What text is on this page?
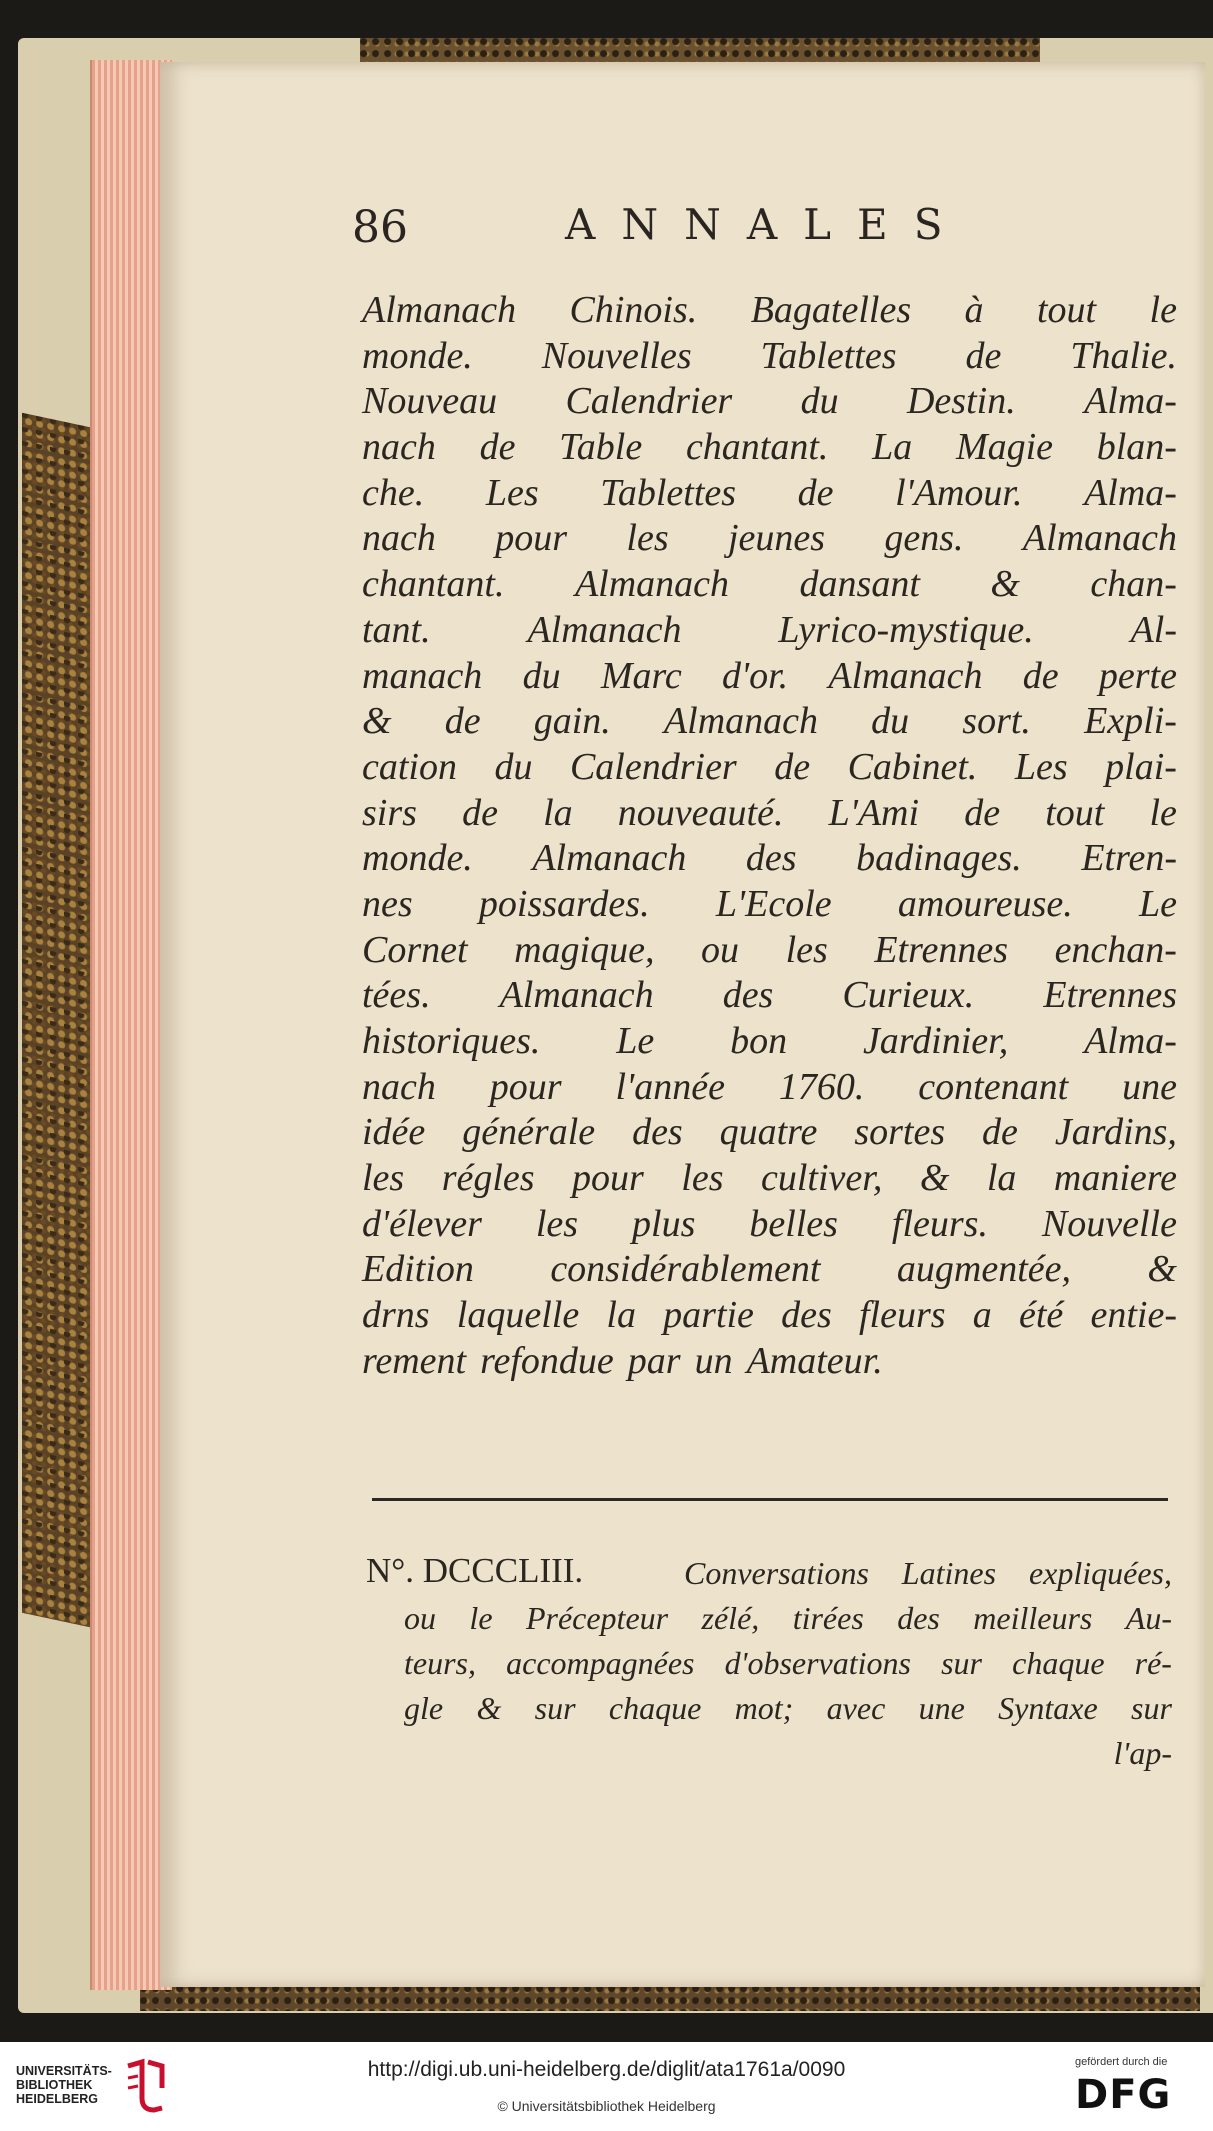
86	ANNALES
Almanach Chinois. Bagatelles à tout le
monde. Nouvelles Tablettes de Thalie.
Nouveau Calendrier du Destin. Alma-
nach de Table chantant. La Magie blan-
che. Les Tablettes de l'Amour. Alma-
nach pour les jeunes gens. Almanach
chantant. Almanach dansant & chan-
tant.	Almanach	Lyrico-mystique.	Al-
manach du Marc d'or. Almanach de perte
& de gain. Almanach du sort. Expli-
cation du Calendrier de Cabinet. Les plai-
sirs de la nouveauté. L'Ami de tout le
monde. Almanach des badinages. Etren-
nes poissardes. L'Ecole amoureuse. Le
Cornet magique, ou les Etrennes enchan-
tées. Almanach des Curieux. Etrennes
historiques. Le bon Jardinier, Alma-
nach pour l'année 1760. contenant une
idée générale des quatre sortes de Jardins,
les régles pour les cultiver, & la maniere
d'élever les plus belles fleurs. Nouvelle
Edition considérablement augmentée, &
drns laquelle la partie des fleurs a été entie-
rement refondue par un Amateur.
N°. DCCCLIII.	Conversations Latines expliquées,
ou le Précepteur zélé, tirées des meilleurs Au-
teurs, accompagnées d'observations sur chaque ré-
gle & sur chaque mot; avec une Syntaxe sur
l'ap-
UNIVERSITÄTS-
BIBLIOTHEK
HEIDELBERG
http://digi.ub.uni-heidelberg.de/diglit/ata1761a/0090
© Universitätsbibliothek Heidelberg
gefördert durch die
DFG
